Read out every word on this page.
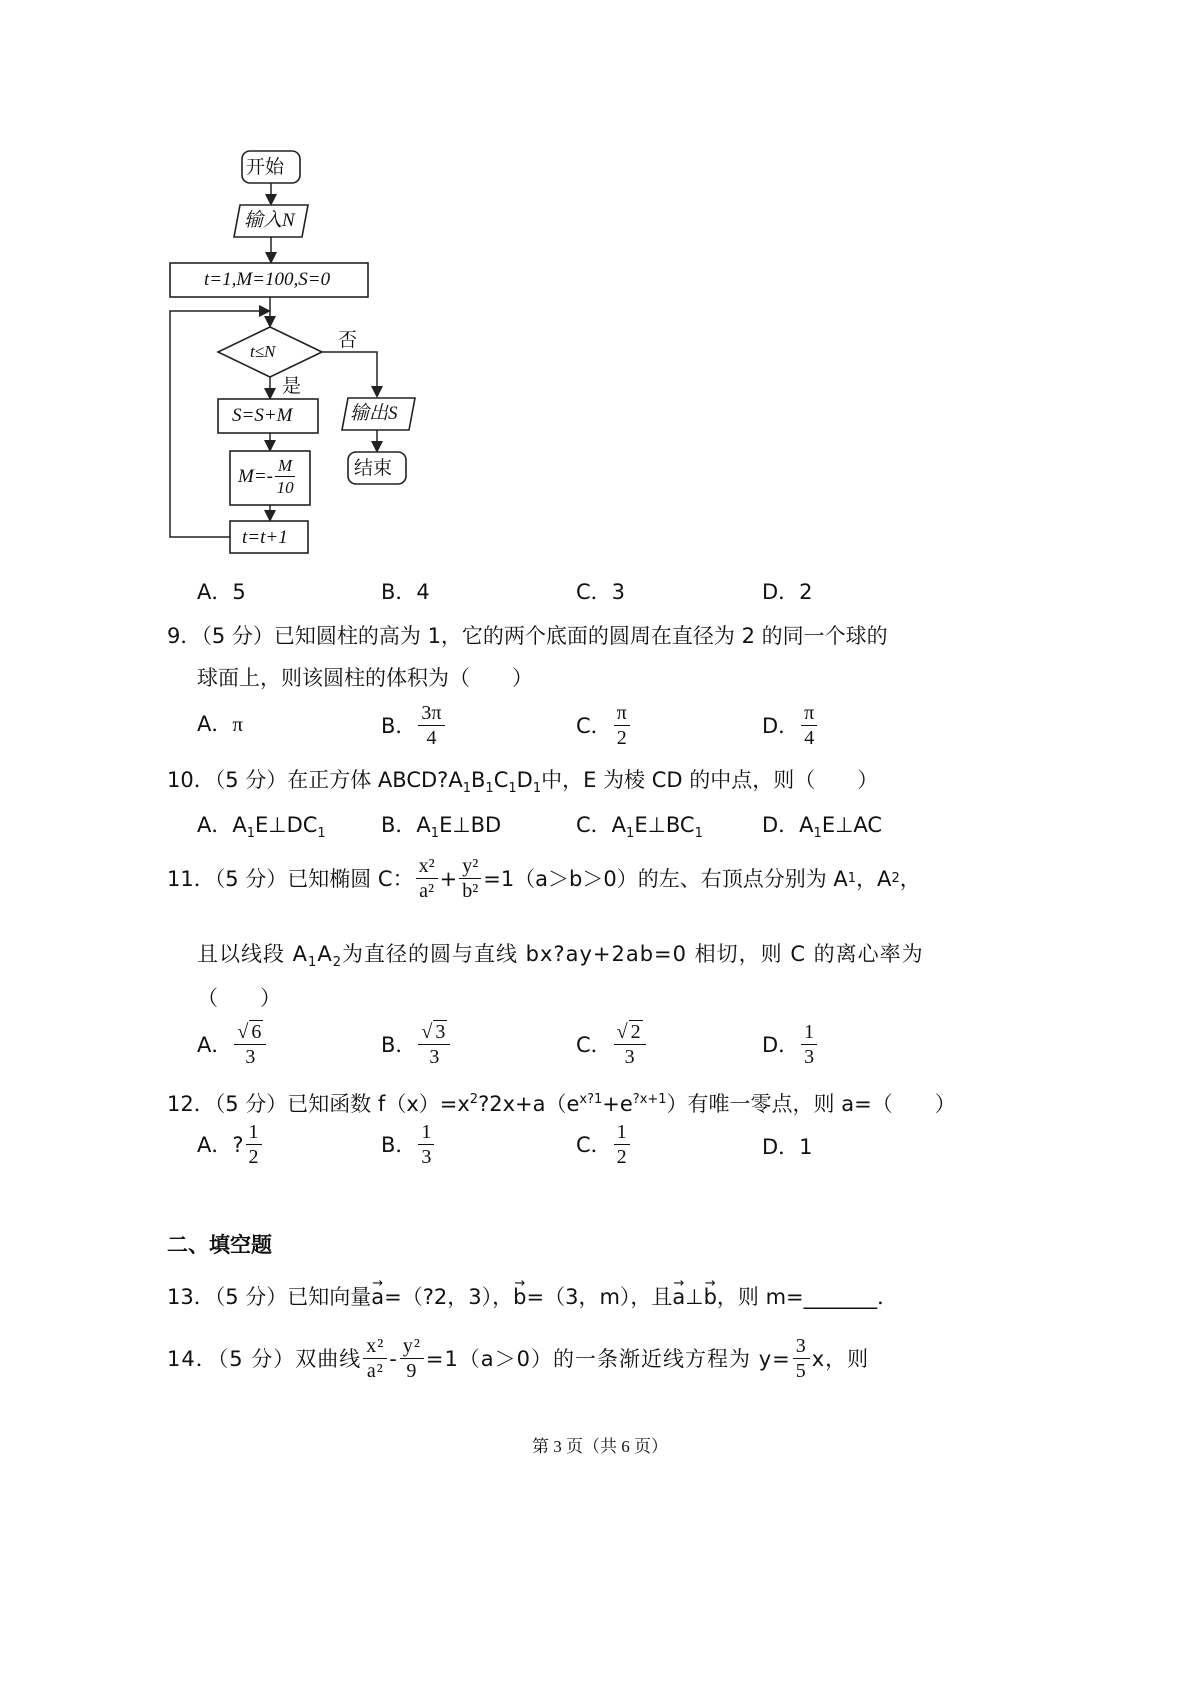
开始
输入N
t=1,M=100,S=0
t≤N
是
否
S=S+M
$M=- \frac{M}{10}$
t=t+1
输出S
结束
A．5	B．4	C．3	D．2
9．（5 分）已知圆柱的高为 1，它的两个底面的圆周在直径为 2 的同一个球的
球面上，则该圆柱的体积为（　　）
A．π	B． $\frac{3\pi}{4}$	C． $\frac{\pi}{2}$	D． $\frac{\pi}{4}$
10．（5 分）在正方体 $ABCD?A_1B_1C_1D_1$中，E 为棱 CD 的中点，则（　　）
A．$A_1E\perp DC_1$	B．$A_1E\perp BD$	C．$A_1E\perp BC_1$	D．$A_1E\perp AC$
11．（5 分）已知椭圆 C： $\frac{\text{x²}}{\text{a²}} + \frac{\text{y²}}{\text{b²}} =1(a>b>0)$的左、右顶点分别为 A 1 ，A 2 ，
且以线段 $A_1A_2$为直径的圆与直线 bx?ay+2ab=0 相切，则 C 的离心率为
（　　）
A． $\frac{√ 6}{3}$	B． $\frac{√ 3}{3}$	C． $\frac{√ 2}{3}$	D． $\frac{1}{3}$
12．（5 分）已知函数 $f(x)=x^2?2x+a(e^{x?1}+e^{?x+1})$有唯一零点，则 a=（　　）
A． ? $\frac{1}{2}$	B． $\frac{1}{3}$	C． $\frac{1}{2}$	D．1
二、填空题
13．（5 分）已知向量→ a=（?2，3），→ b=（3，m），且→ a⊥→ b，则 m=_______．
14．（5 分）双曲线 $\frac{\text{x²}}{\text{a²}} - \frac{\text{y²}}{9} =1(a>0)$的一条渐近线方程为 $y= \frac{3}{5}$ x，则
第 3 页（共 6 页）
